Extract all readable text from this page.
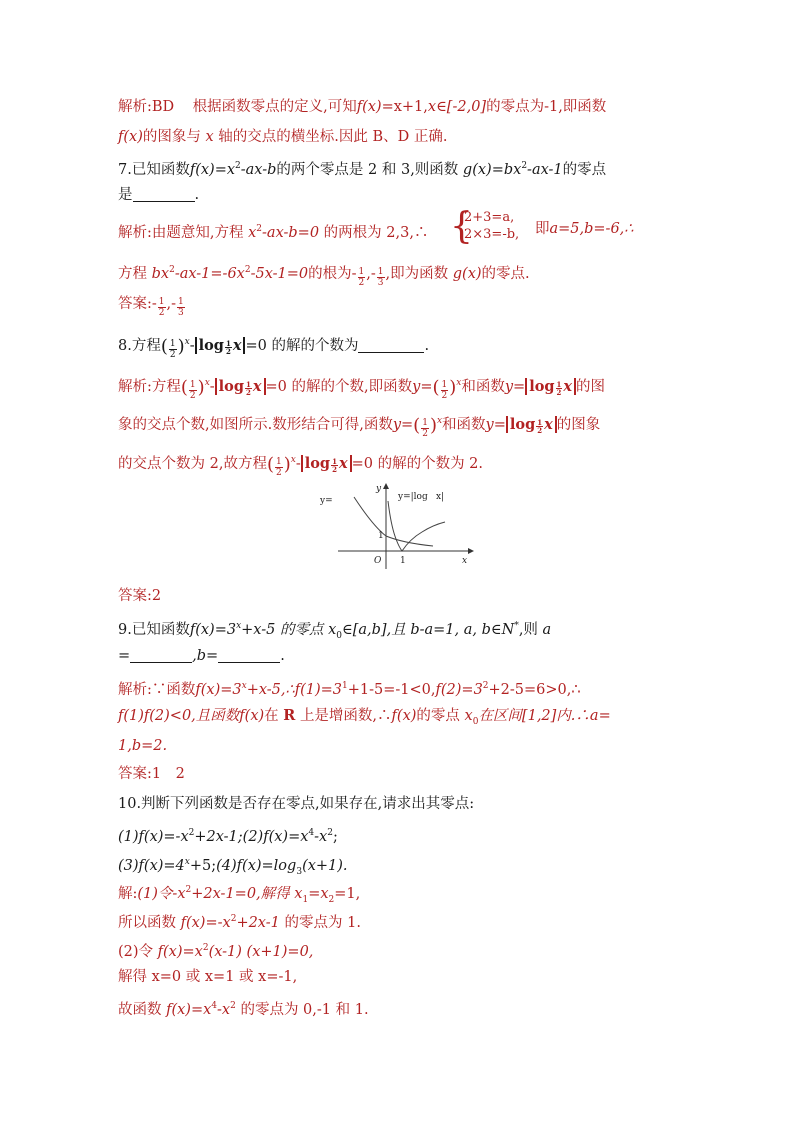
解析:BD 根据函数零点的定义,可知f(x)=x+1,x∈[-2,0]的零点为-1,即函数
f(x)的图象与 x 轴的交点的横坐标.因此 B、D 正确.
7.已知函数$f(x)=x^2-ax-b$的两个零点是 2 和 3,则函数 $g(x)=bx^2-ax-1$的零点
是	.
解析:由题意知,方程 $x^2-ax-b=0$ 的两根为 2,3,∴ {
2+3=a,
2×3=-b, 即a=5,b=-6,∴
方程 $bx^2-ax-1=-6x^2-5x-1=0$的根为- $\frac{1}{2}$ ,- $\frac{1}{3}$ ,即为函数 g(x)的零点.
答案:- $\frac{1}{2}$ ,- $\frac{1}{3}$
8.方程( $\frac{1}{2} )^x-$ log $_{\frac{1}{2}}$ x =0 的解的个数为	.
解析:方程( $\frac{1}{2} )^x-$ log $_{\frac{1}{2}}$ x =0 的解的个数,即函数$y=( \frac{1}{2} )^x$和函数y= log $_{\frac{1}{2}}$ x 的图
象的交点个数,如图所示.数形结合可得,函数$y=( \frac{1}{2} )^x$和函数y= log $_{\frac{1}{2}}$ x 的图象
的交点个数为 2,故方程( $\frac{1}{2} )^x-$ log $_{\frac{1}{2}}$ x =0 的解的个数为 2.
y=	y=|log x|
y
x
O
1
1
答案:2
9.已知函数$f(x)=3^x+x-5$ 的零点 $x_0\in[a,b]$,且 b-a=1, a, b∈N*,则 a
=	,b=	.
解析:∵函数$f(x)=3^x+x-5,\therefore f(1)=3^1+1-5=-1<0,f(2)=3^2+2-5=6>0,\therefore$
f(1)f(2)<0,且函数f(x)在 R 上是增函数,∴f(x)的零点 $x_0$在区间[1,2]内.∴a=
1,b=2.
答案:1　2
10.判断下列函数是否存在零点,如果存在,请求出其零点:
$(1)f(x)=-x^2+2x-1;(2)f(x)=x^4-x^2$;
$(3)f(x)=4^x+5;(4)f(x)=\log_3(x+1)$.
解:(1)令$-x^2+2x-1=0$,解得 $x_1=x_2=1$,
所以函数 $f(x)=-x^2+2x-1$ 的零点为 1.
(2)令 $f(x)=x^2(x-1)$ (x+1)=0,
解得 x=0 或 x=1 或 x=-1,
故函数 $f(x)=x^4-x^2$ 的零点为 0,-1 和 1.
